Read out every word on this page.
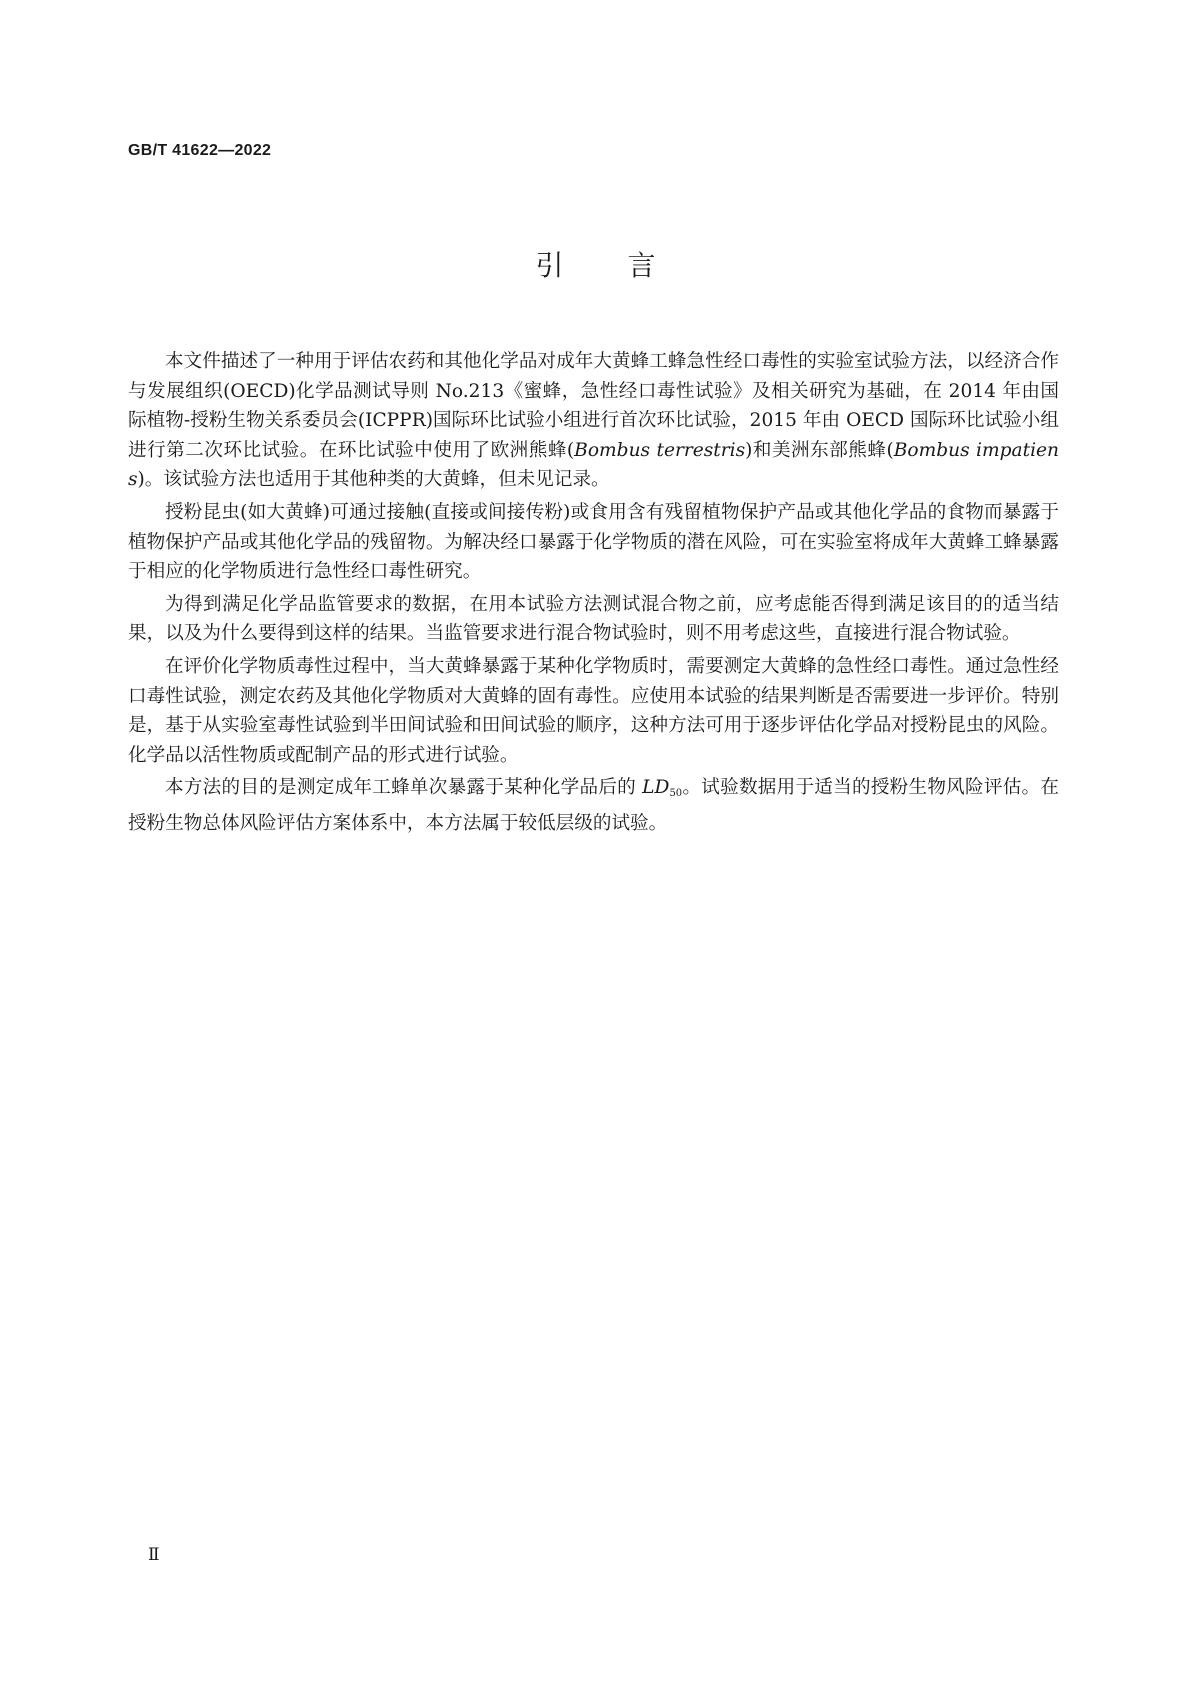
GB/T 41622—2022
引言

本文件描述了一种用于评估农药和其他化学品对成年大黄蜂工蜂急性经口毒性的实验室试验方法，以经济合作与发展组织(OECD)化学品测试导则 No.213《蜜蜂，急性经口毒性试验》及相关研究为基础，在 2014 年由国际植物-授粉生物关系委员会(ICPPR)国际环比试验小组进行首次环比试验，2015 年由 OECD 国际环比试验小组进行第二次环比试验。在环比试验中使用了欧洲熊蜂(Bombus terrestris)和美洲东部熊蜂(Bombus impatiens)。该试验方法也适用于其他种类的大黄蜂，但未见记录。

授粉昆虫(如大黄蜂)可通过接触(直接或间接传粉)或食用含有残留植物保护产品或其他化学品的食物而暴露于植物保护产品或其他化学品的残留物。为解决经口暴露于化学物质的潜在风险，可在实验室将成年大黄蜂工蜂暴露于相应的化学物质进行急性经口毒性研究。

为得到满足化学品监管要求的数据，在用本试验方法测试混合物之前，应考虑能否得到满足该目的的适当结果，以及为什么要得到这样的结果。当监管要求进行混合物试验时，则不用考虑这些，直接进行混合物试验。

在评价化学物质毒性过程中，当大黄蜂暴露于某种化学物质时，需要测定大黄蜂的急性经口毒性。通过急性经口毒性试验，测定农药及其他化学物质对大黄蜂的固有毒性。应使用本试验的结果判断是否需要进一步评价。特别是，基于从实验室毒性试验到半田间试验和田间试验的顺序，这种方法可用于逐步评估化学品对授粉昆虫的风险。化学品以活性物质或配制产品的形式进行试验。

本方法的目的是测定成年工蜂单次暴露于某种化学品后的 $LD_{50}$。试验数据用于适当的授粉生物风险评估。在授粉生物总体风险评估方案体系中，本方法属于较低层级的试验。

Ⅱ
